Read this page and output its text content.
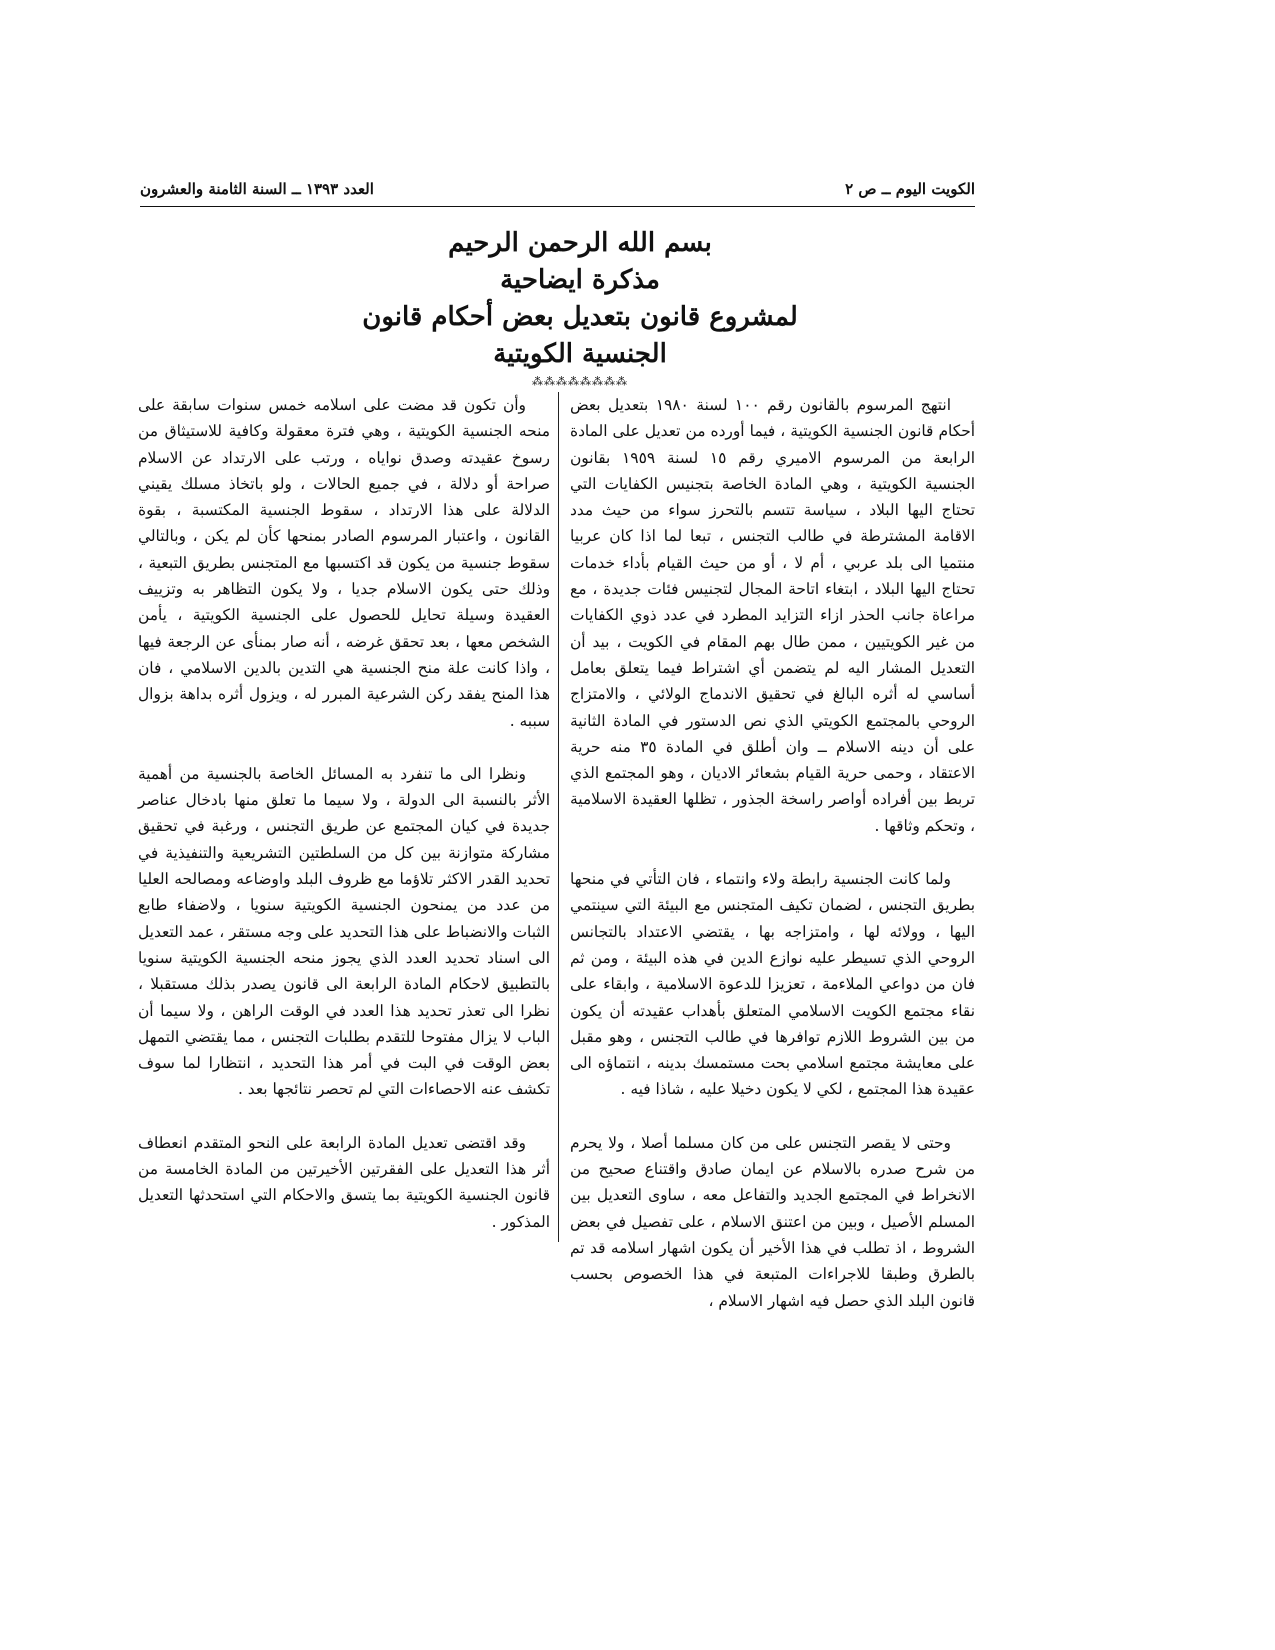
الكويت اليوم ــ ص ٢
العدد ١٣٩٣ ــ السنة الثامنة والعشرون
بسم الله الرحمن الرحيم
مذكرة ايضاحية
لمشروع قانون بتعديل بعض أحكام قانون
الجنسية الكويتية
⁂⁂⁂⁂⁂⁂⁂⁂

انتهج المرسوم بالقانون رقم ١٠٠ لسنة ١٩٨٠ بتعديل بعض أحكام قانون الجنسية الكويتية ، فيما أورده من تعديل على المادة الرابعة من المرسوم الاميري رقم ١٥ لسنة ١٩٥٩ بقانون الجنسية الكويتية ، وهي المادة الخاصة بتجنيس الكفايات التي تحتاج اليها البلاد ، سياسة تتسم بالتحرز سواء من حيث مدد الاقامة المشترطة في طالب التجنس ، تبعا لما اذا كان عربيا منتميا الى بلد عربي ، أم لا ، أو من حيث القيام بأداء خدمات تحتاج اليها البلاد ، ابتغاء اتاحة المجال لتجنيس فئات جديدة ، مع مراعاة جانب الحذر ازاء التزايد المطرد في عدد ذوي الكفايات من غير الكويتيين ، ممن طال بهم المقام في الكويت ، بيد أن التعديل المشار اليه لم يتضمن أي اشتراط فيما يتعلق بعامل أساسي له أثره البالغ في تحقيق الاندماج الولائي ، والامتزاج الروحي بالمجتمع الكويتي الذي نص الدستور في المادة الثانية على أن دينه الاسلام ــ وان أطلق في المادة ٣٥ منه حرية الاعتقاد ، وحمى حرية القيام بشعائر الاديان ، وهو المجتمع الذي تربط بين أفراده أواصر راسخة الجذور ، تظلها العقيدة الاسلامية ، وتحكم وثاقها .

ولما كانت الجنسية رابطة ولاء وانتماء ، فان التأتي في منحها بطريق التجنس ، لضمان تكيف المتجنس مع البيئة التي سينتمي اليها ، وولائه لها ، وامتزاجه بها ، يقتضي الاعتداد بالتجانس الروحي الذي تسيطر عليه نوازع الدين في هذه البيئة ، ومن ثم فان من دواعي الملاءمة ، تعزيزا للدعوة الاسلامية ، وابقاء على نقاء مجتمع الكويت الاسلامي المتعلق بأهداب عقيدته أن يكون من بين الشروط اللازم توافرها في طالب التجنس ، وهو مقبل على معايشة مجتمع اسلامي بحت مستمسك بدينه ، انتماؤه الى عقيدة هذا المجتمع ، لكي لا يكون دخيلا عليه ، شاذا فيه .

وحتى لا يقصر التجنس على من كان مسلما أصلا ، ولا يحرم من شرح صدره بالاسلام عن ايمان صادق واقتناع صحيح من الانخراط في المجتمع الجديد والتفاعل معه ، ساوى التعديل بين المسلم الأصيل ، وبين من اعتنق الاسلام ، على تفصيل في بعض الشروط ، اذ تطلب في هذا الأخير أن يكون اشهار اسلامه قد تم بالطرق وطبقا للاجراءات المتبعة في هذا الخصوص بحسب قانون البلد الذي حصل فيه اشهار الاسلام ،

وأن تكون قد مضت على اسلامه خمس سنوات سابقة على منحه الجنسية الكويتية ، وهي فترة معقولة وكافية للاستيثاق من رسوخ عقيدته وصدق نواياه ، ورتب على الارتداد عن الاسلام صراحة أو دلالة ، في جميع الحالات ، ولو باتخاذ مسلك يقيني الدلالة على هذا الارتداد ، سقوط الجنسية المكتسبة ، بقوة القانون ، واعتبار المرسوم الصادر بمنحها كأن لم يكن ، وبالتالي سقوط جنسية من يكون قد اكتسبها مع المتجنس بطريق التبعية ، وذلك حتى يكون الاسلام جديا ، ولا يكون التظاهر به وتزييف العقيدة وسيلة تحايل للحصول على الجنسية الكويتية ، يأمن الشخص معها ، بعد تحقق غرضه ، أنه صار بمنأى عن الرجعة فيها ، واذا كانت علة منح الجنسية هي التدين بالدين الاسلامي ، فان هذا المنح يفقد ركن الشرعية المبرر له ، ويزول أثره بداهة بزوال سببه .

ونظرا الى ما تنفرد به المسائل الخاصة بالجنسية من أهمية الأثر بالنسبة الى الدولة ، ولا سيما ما تعلق منها بادخال عناصر جديدة في كيان المجتمع عن طريق التجنس ، ورغبة في تحقيق مشاركة متوازنة بين كل من السلطتين التشريعية والتنفيذية في تحديد القدر الاكثر تلاؤما مع ظروف البلد واوضاعه ومصالحه العليا من عدد من يمنحون الجنسية الكويتية سنويا ، ولاضفاء طابع الثبات والانضباط على هذا التحديد على وجه مستقر ، عمد التعديل الى اسناد تحديد العدد الذي يجوز منحه الجنسية الكويتية سنويا بالتطبيق لاحكام المادة الرابعة الى قانون يصدر بذلك مستقبلا ، نظرا الى تعذر تحديد هذا العدد في الوقت الراهن ، ولا سيما أن الباب لا يزال مفتوحا للتقدم بطلبات التجنس ، مما يقتضي التمهل بعض الوقت في البت في أمر هذا التحديد ، انتظارا لما سوف تكشف عنه الاحصاءات التي لم تحصر نتائجها بعد .

وقد اقتضى تعديل المادة الرابعة على النحو المتقدم انعطاف أثر هذا التعديل على الفقرتين الأخيرتين من المادة الخامسة من قانون الجنسية الكويتية بما يتسق والاحكام التي استحدثها التعديل المذكور .
